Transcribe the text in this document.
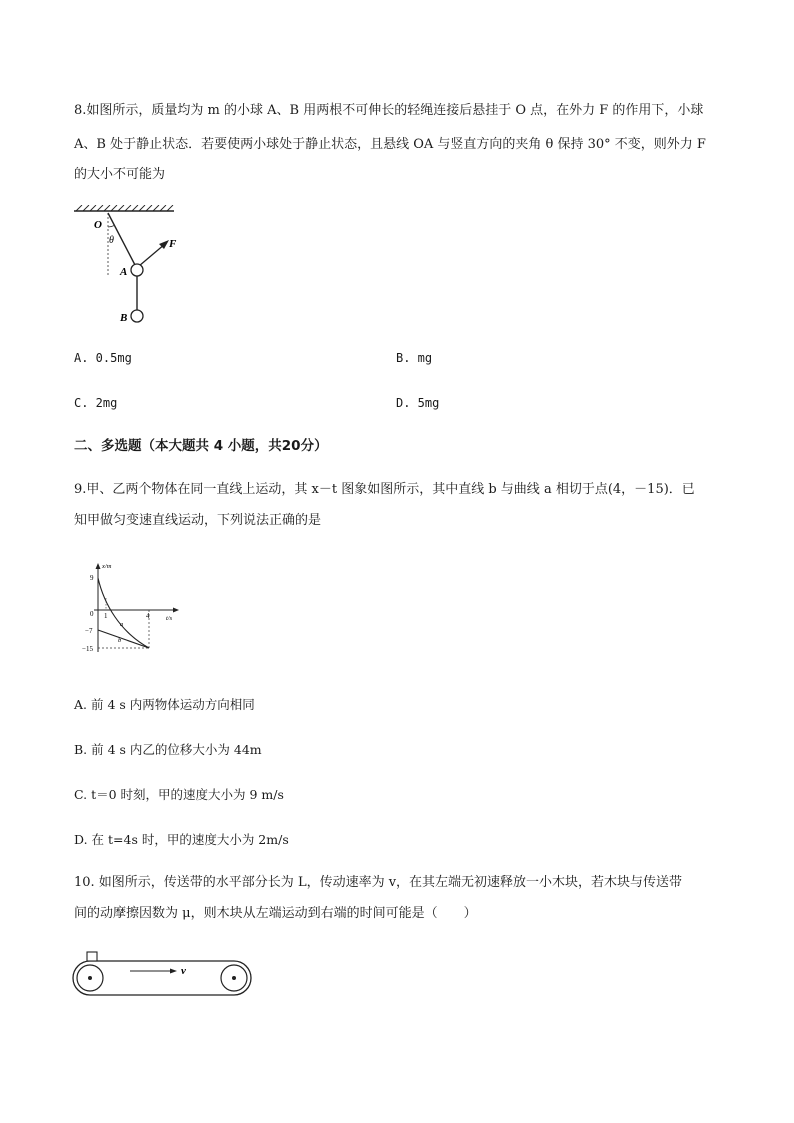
8.如图所示，质量均为 m 的小球 A、B 用两根不可伸长的轻绳连接后悬挂于 O 点，在外力 F 的作用下，小球
A、B 处于静止状态．若要使两小球处于静止状态，且悬线 OA 与竖直方向的夹角 θ 保持 30° 不变，则外力 F
的大小不可能为
O
θ	F
A
B
A. 0.5mg	B. mg
C. 2mg	D. 5mg
二、多选题（本大题共 4 小题，共20分）
9.甲、乙两个物体在同一直线上运动，其 x－t 图象如图所示，其中直线 b 与曲线 a 相切于点(4，－15)．已
知甲做匀变速直线运动，下列说法正确的是
x/m
t/s
9
0
−7
−15
1	4
a
b
A. 前 4 s 内两物体运动方向相同
B. 前 4 s 内乙的位移大小为 44m
C. t＝0 时刻，甲的速度大小为 9 m/s
D. 在 t=4s 时，甲的速度大小为 2m/s
10. 如图所示，传送带的水平部分长为 L，传动速率为 v，在其左端无初速释放一小木块，若木块与传送带
间的动摩擦因数为 μ，则木块从左端运动到右端的时间可能是（　　）
v
